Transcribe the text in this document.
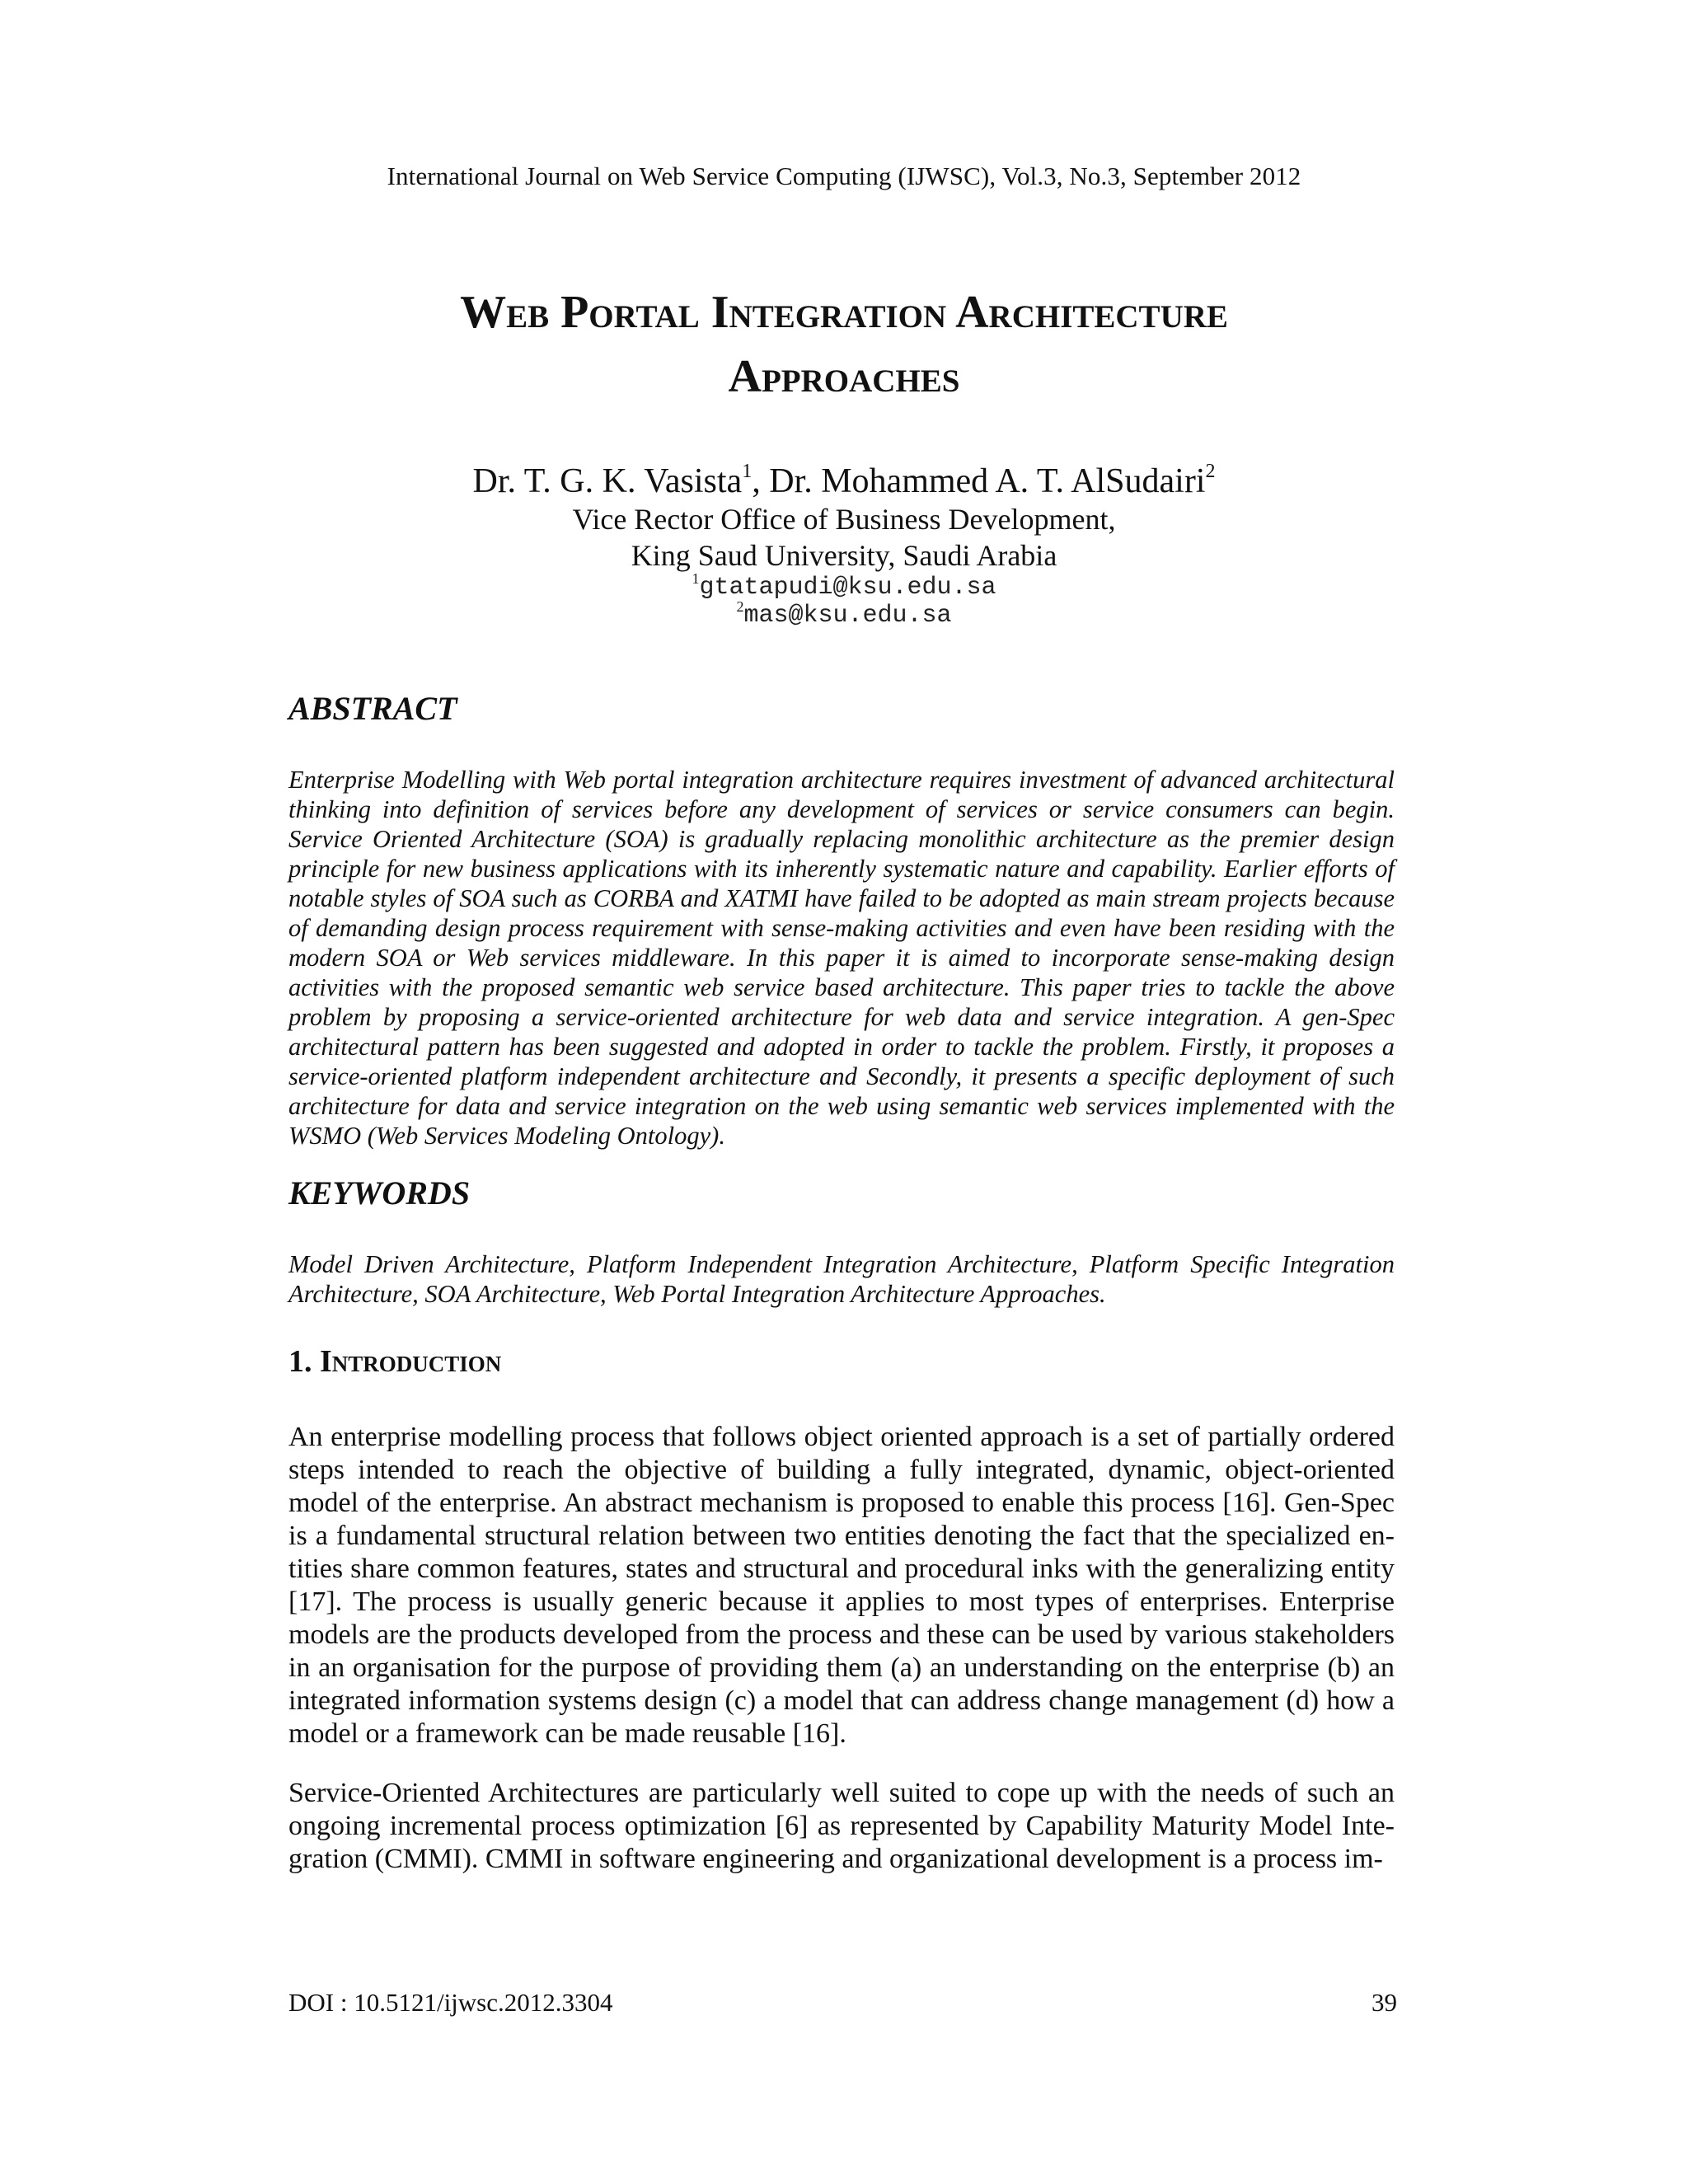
International Journal on Web Service Computing (IJWSC), Vol.3, No.3, September 2012
Web Portal Integration Architecture
Approaches
Dr. T. G. K. Vasista$^1$, Dr. Mohammed A. T. AlSudairi$^2$
Vice Rector Office of Business Development,
King Saud University, Saudi Arabia
$^1$gtatapudi@ksu.edu.sa
$^2$mas@ksu.edu.sa
ABSTRACT
Enterprise Modelling with Web portal integration architecture requires investment of advanced architectural thinking into definition of services before any development of services or service consumers can begin. Service Oriented Architecture (SOA) is gradually replacing monolithic architecture as the premier design principle for new business applications with its inherently systematic nature and capability. Earlier efforts of notable styles of SOA such as CORBA and XATMI have failed to be adopted as main stream projects because of demanding design process requirement with sense-making activities and even have been residing with the modern SOA or Web services middleware. In this paper it is aimed to incorporate sense-making design activities with the proposed semantic web service based architecture. This paper tries to tackle the above problem by proposing a service-oriented architecture for web data and service integration. A gen-Spec architectural pattern has been suggested and adopted in order to tackle the problem. Firstly, it proposes a service-oriented platform independent architecture and Secondly, it presents a specific deployment of such architecture for data and service integration on the web using semantic web services implemented with the WSMO (Web Services Modeling Ontology).
KEYWORDS
Model Driven Architecture, Platform Independent Integration Architecture, Platform Specific Integration Architecture, SOA Architecture, Web Portal Integration Architecture Approaches.
1. Introduction
An enterprise modelling process that follows object oriented approach is a set of partially ordered steps intended to reach the objective of building a fully integrated, dynamic, object-oriented model of the enterprise. An abstract mechanism is proposed to enable this process [16]. Gen-Spec is a fundamental structural relation between two entities denoting the fact that the specialized entities share common features, states and structural and procedural inks with the generalizing entity [17]. The process is usually generic because it applies to most types of enterprises. Enterprise models are the products developed from the process and these can be used by various stakeholders in an organisation for the purpose of providing them (a) an understanding on the enterprise (b) an integrated information systems design (c) a model that can address change management (d) how a model or a framework can be made reusable [16].
Service-Oriented Architectures are particularly well suited to cope up with the needs of such an ongoing incremental process optimization [6] as represented by Capability Maturity Model Integration (CMMI). CMMI in software engineering and organizational development is a process im-
DOI : 10.5121/ijwsc.2012.3304	39
